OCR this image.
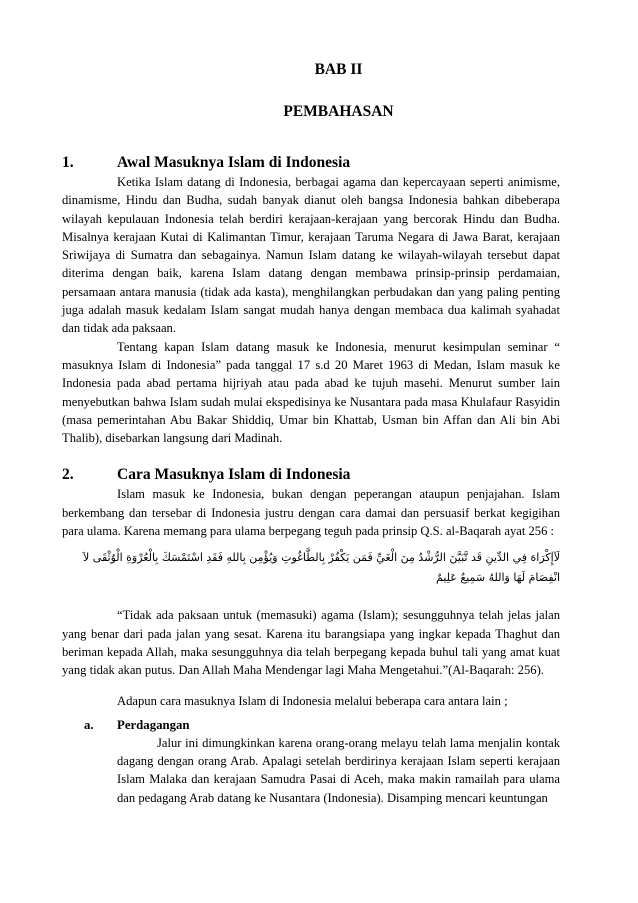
BAB II
PEMBAHASAN
1.	Awal Masuknya Islam di Indonesia

Ketika Islam datang di Indonesia, berbagai agama dan kepercayaan seperti animisme, dinamisme, Hindu dan Budha, sudah banyak dianut oleh bangsa Indonesia bahkan dibeberapa wilayah kepulauan Indonesia telah berdiri kerajaan-kerajaan yang bercorak Hindu dan Budha. Misalnya kerajaan Kutai di Kalimantan Timur, kerajaan Taruma Negara di Jawa Barat, kerajaan Sriwijaya di Sumatra dan sebagainya. Namun Islam datang ke wilayah-wilayah tersebut dapat diterima dengan baik, karena Islam datang dengan membawa prinsip-prinsip perdamaian, persamaan antara manusia (tidak ada kasta), menghilangkan perbudakan dan yang paling penting juga adalah masuk kedalam Islam sangat mudah hanya dengan membaca dua kalimah syahadat dan tidak ada paksaan.

Tentang kapan Islam datang masuk ke Indonesia, menurut kesimpulan seminar “ masuknya Islam di Indonesia” pada tanggal 17 s.d 20 Maret 1963 di Medan, Islam masuk ke Indonesia pada abad pertama hijriyah atau pada abad ke tujuh masehi. Menurut sumber lain menyebutkan bahwa Islam sudah mulai ekspedisinya ke Nusantara pada masa Khulafaur Rasyidin (masa pemerintahan Abu Bakar Shiddiq, Umar bin Khattab, Usman bin Affan dan Ali bin Abi Thalib), disebarkan langsung dari Madinah.

2.	Cara Masuknya Islam di Indonesia

Islam masuk ke Indonesia, bukan dengan peperangan ataupun penjajahan. Islam berkembang dan tersebar di Indonesia justru dengan cara damai dan persuasif berkat kegigihan para ulama. Karena memang para ulama berpegang teguh pada prinsip Q.S. al-Baqarah ayat 256 :

لَآإِكْرَاهَ فِي الدِّينِ قَد تَّبَيَّنَ الرُّشْدُ مِنَ الْغَيِّ فَمَن يَكْفُرْ بِالطَّاغُوتِ وَيُؤْمِن بِاللهِ فَقَدِ اسْتَمْسَكَ بِالْعُرْوَةِ الْوُثْقَى لاَ انْفِصَامَ لَهَا وَاللهُ سَمِيعٌ عَلِيمٌ

“Tidak ada paksaan untuk (memasuki) agama (Islam); sesungguhnya telah jelas jalan yang benar dari pada jalan yang sesat. Karena itu barangsiapa yang ingkar kepada Thaghut dan beriman kepada Allah, maka sesungguhnya dia telah berpegang kepada buhul tali yang amat kuat yang tidak akan putus. Dan Allah Maha Mendengar lagi Maha Mengetahui.”(Al-Baqarah: 256).

Adapun cara masuknya Islam di Indonesia melalui beberapa cara antara lain ;

a. Perdagangan

Jalur ini dimungkinkan karena orang-orang melayu telah lama menjalin kontak dagang dengan orang Arab. Apalagi setelah berdirinya kerajaan Islam seperti kerajaan Islam Malaka dan kerajaan Samudra Pasai di Aceh, maka makin ramailah para ulama dan pedagang Arab datang ke Nusantara (Indonesia). Disamping mencari keuntungan
